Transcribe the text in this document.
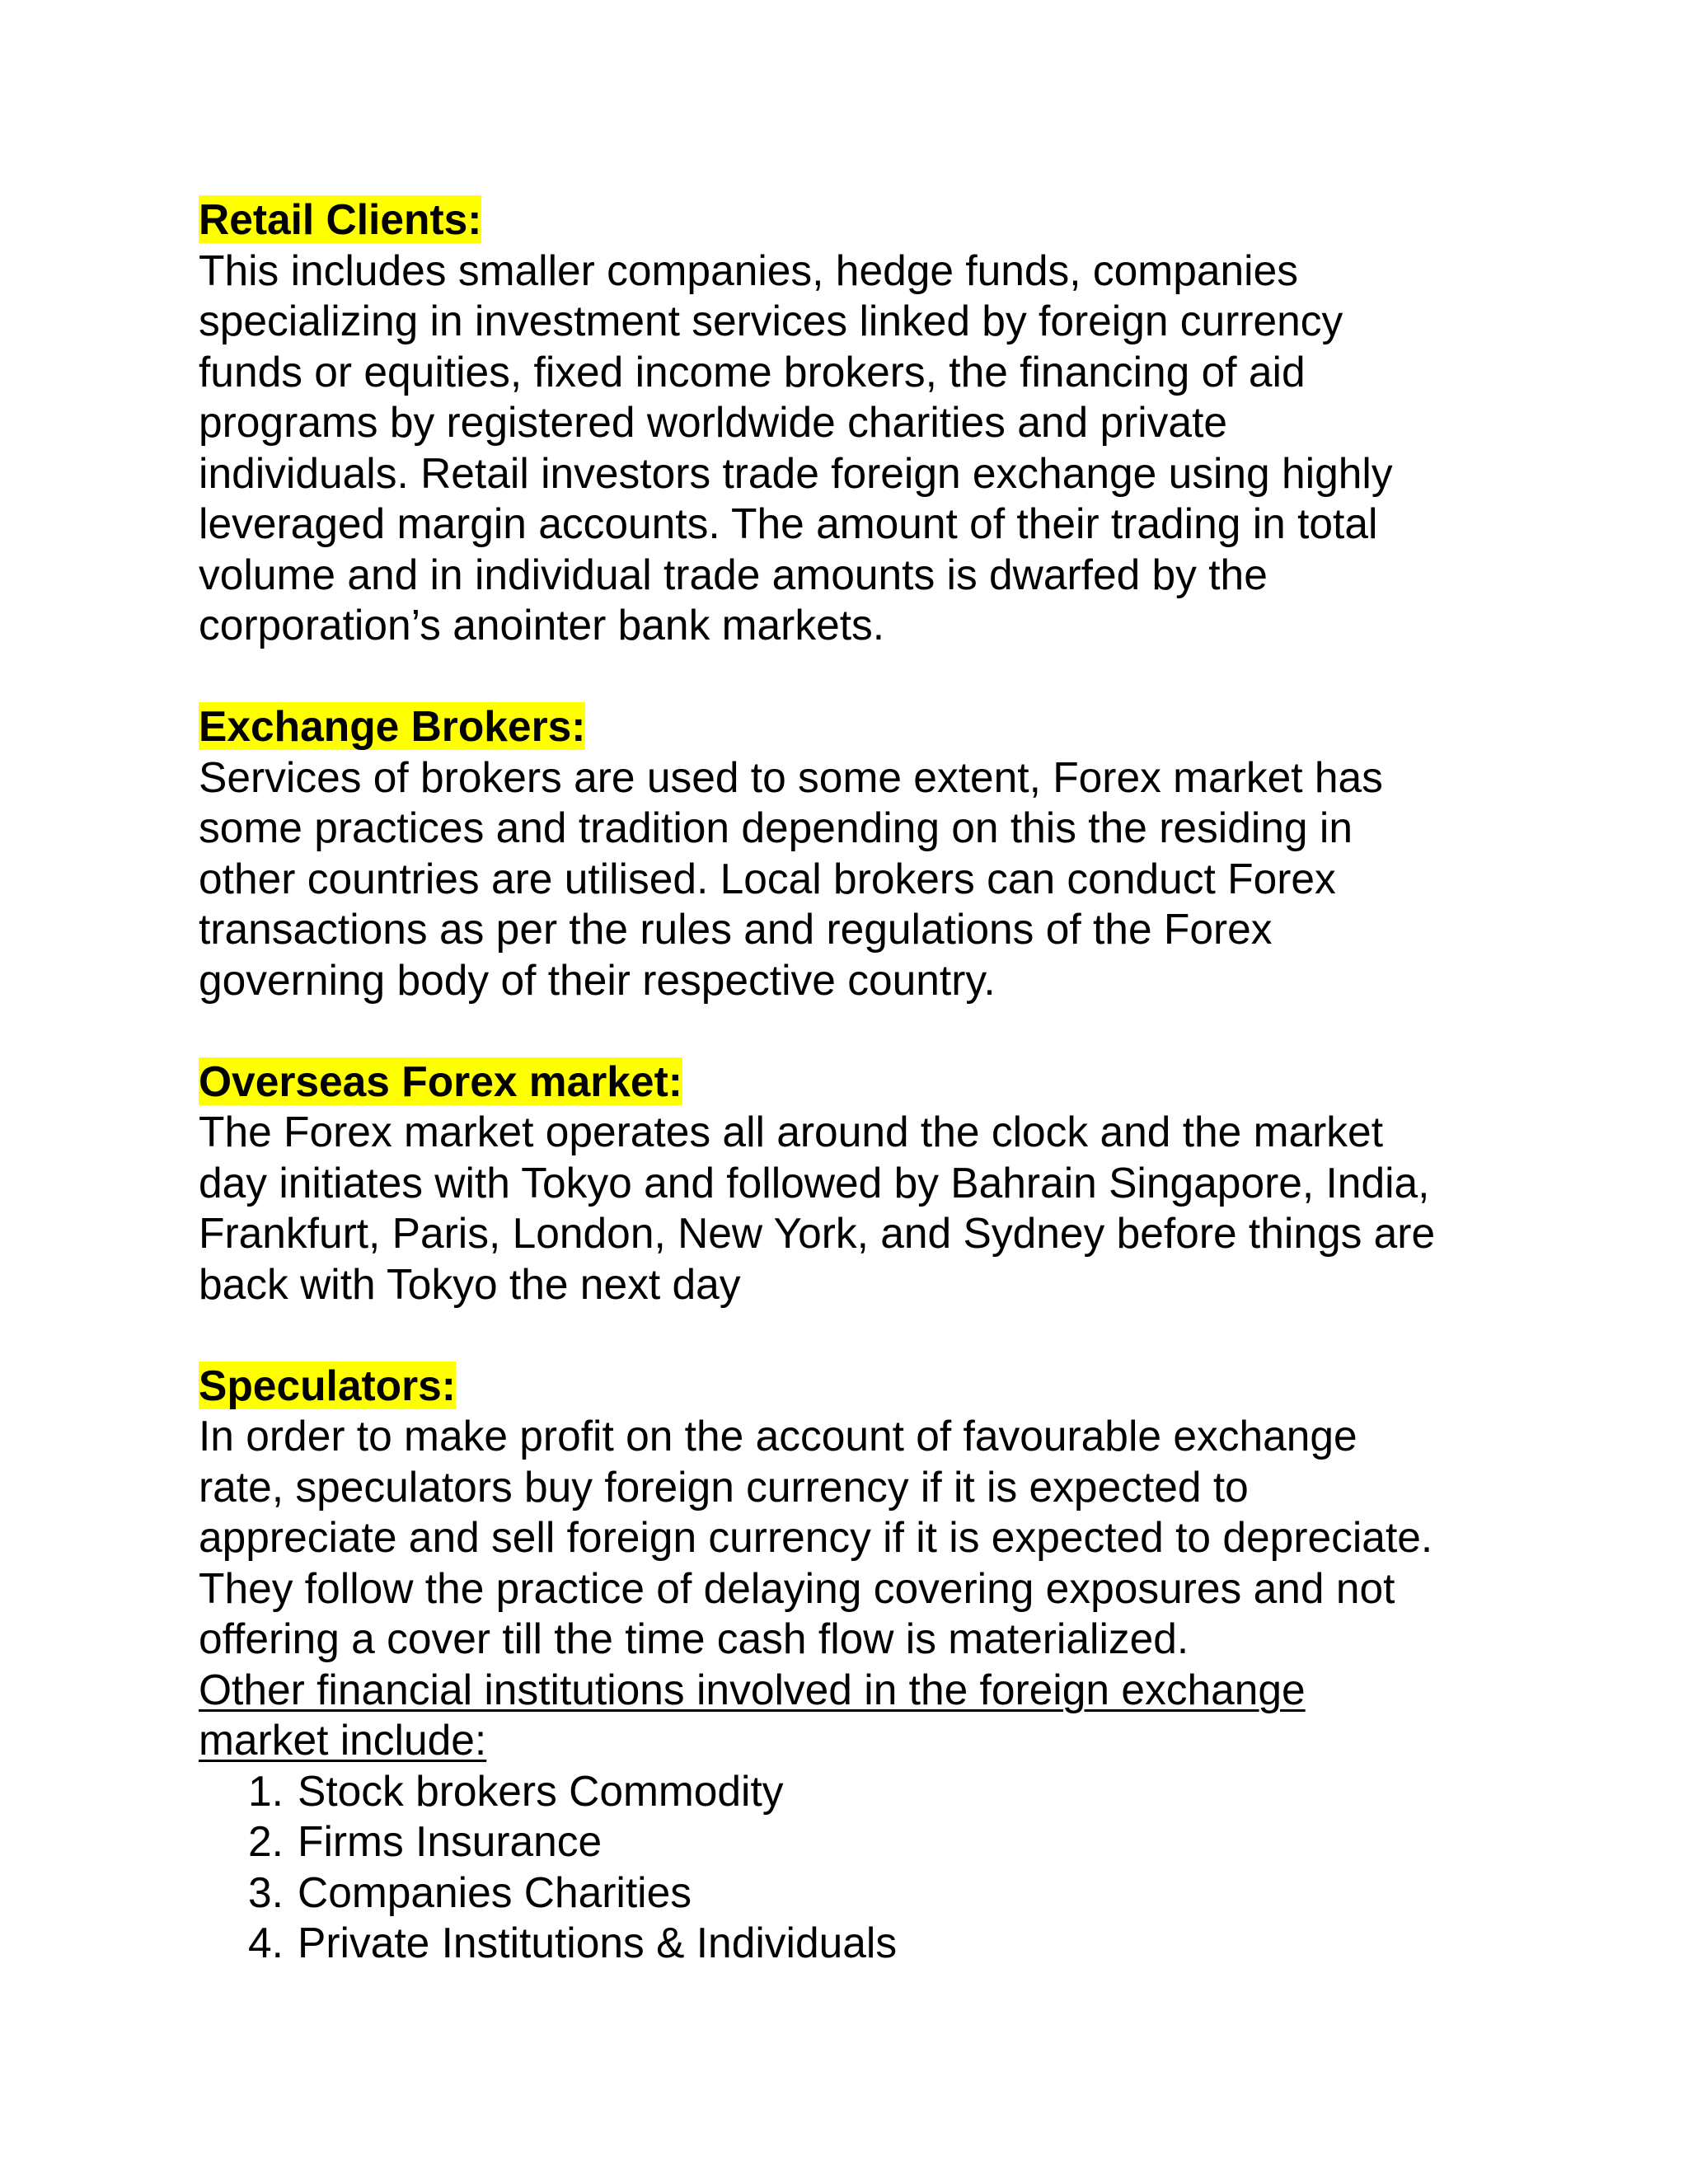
Retail Clients:

This includes smaller companies, hedge funds, companies
specializing in investment services linked by foreign currency
funds or equities, fixed income brokers, the financing of aid
programs by registered worldwide charities and private
individuals. Retail investors trade foreign exchange using highly
leveraged margin accounts. The amount of their trading in total
volume and in individual trade amounts is dwarfed by the
corporation’s anointer bank markets.

Exchange Brokers:

Services of brokers are used to some extent, Forex market has
some practices and tradition depending on this the residing in
other countries are utilised. Local brokers can conduct Forex
transactions as per the rules and regulations of the Forex
governing body of their respective country.

Overseas Forex market:

The Forex market operates all around the clock and the market
day initiates with Tokyo and followed by Bahrain Singapore, India,
Frankfurt, Paris, London, New York, and Sydney before things are
back with Tokyo the next day

Speculators:

In order to make profit on the account of favourable exchange
rate, speculators buy foreign currency if it is expected to
appreciate and sell foreign currency if it is expected to depreciate.
They follow the practice of delaying covering exposures and not
offering a cover till the time cash flow is materialized.

Other financial institutions involved in the foreign exchange

market include:

1. Stock brokers Commodity
2. Firms Insurance
3. Companies Charities
4. Private Institutions & Individuals
